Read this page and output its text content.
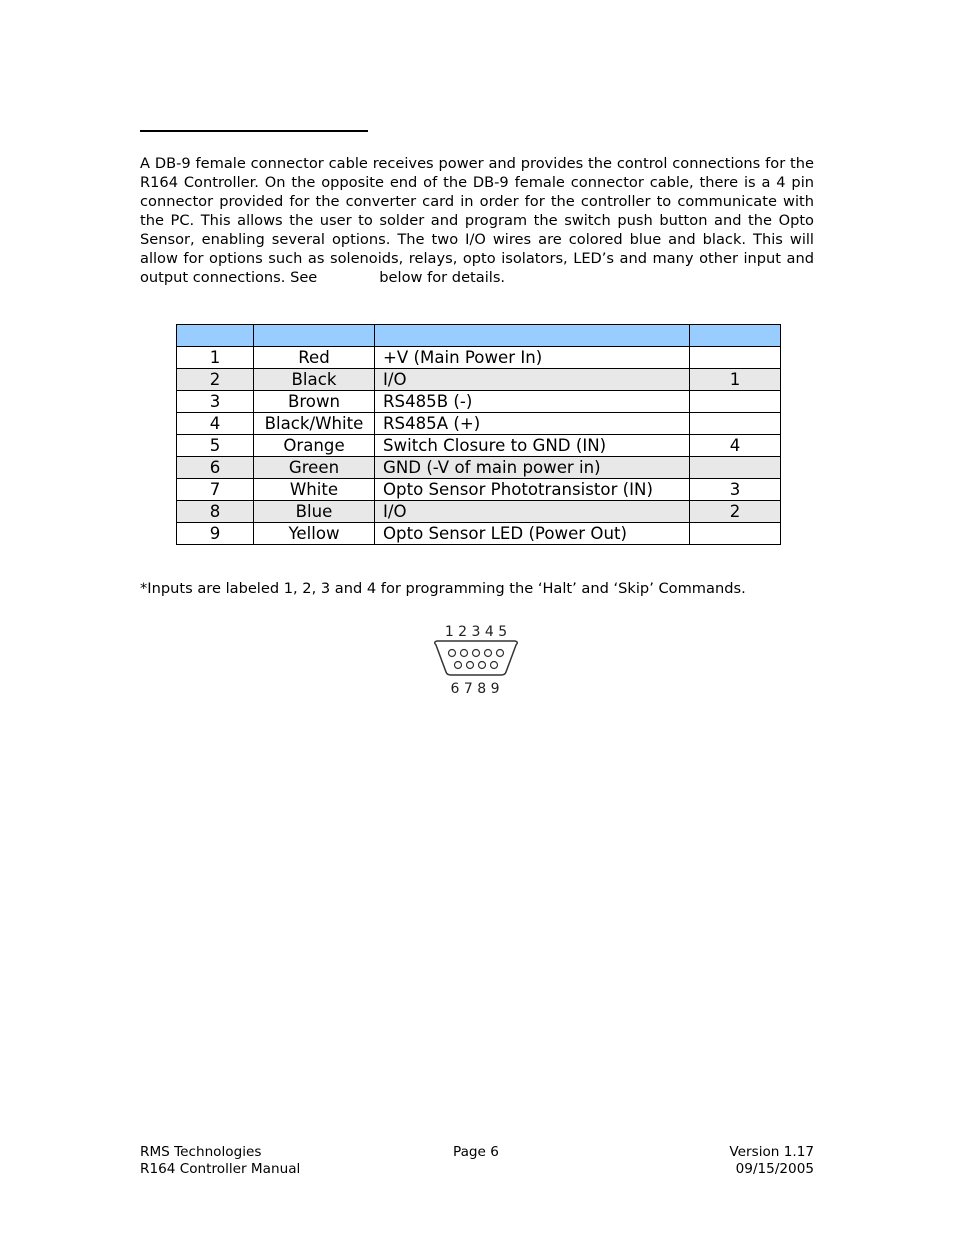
A DB-9 female connector cable receives power and provides the control connections for the R164 Controller. On the opposite end of the DB-9 female connector cable, there is a 4 pin connector provided for the converter card in order for the controller to communicate with the PC. This allows the user to solder and program the switch push button and the Opto Sensor, enabling several options. The two I/O wires are colored blue and black. This will allow for options such as solenoids, relays, opto isolators, LED’s and many other input and output connections. See	below for details.

1	Red	+V (Main Power In)	
2	Black	I/O	1
3	Brown	RS485B (-)	
4	Black/White	RS485A (+)	
5	Orange	Switch Closure to GND (IN)	4
6	Green	GND (-V of main power in)	
7	White	Opto Sensor Phototransistor (IN)	3
8	Blue	I/O	2
9	Yellow	Opto Sensor LED (Power Out)	

*Inputs are labeled 1, 2, 3 and 4 for programming the ‘Halt’ and ‘Skip’ Commands.

1 2 3 4 5
6 7 8 9
RMS Technologies
R164 Controller Manual
Page 6	Version 1.17
09/15/2005
